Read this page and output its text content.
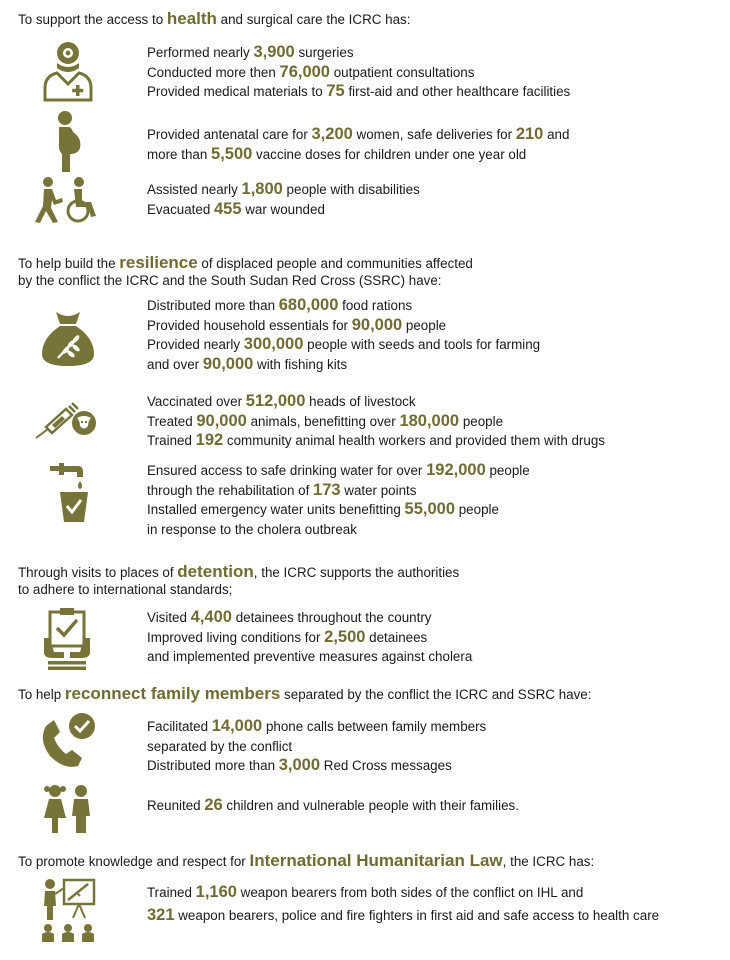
To support the access to health and surgical care the ICRC has:
Performed nearly 3,900 surgeries
Conducted more then 76,000 outpatient consultations
Provided medical materials to 75 first-aid and other healthcare facilities
Provided antenatal care for 3,200 women, safe deliveries for 210 and
more than 5,500 vaccine doses for children under one year old
Assisted nearly 1,800 people with disabilities
Evacuated 455 war wounded
To help build the resilience of displaced people and communities affected
by the conflict the ICRC and the South Sudan Red Cross (SSRC) have:
Distributed more than 680,000 food rations
Provided household essentials for 90,000 people
Provided nearly 300,000 people with seeds and tools for farming
and over 90,000 with fishing kits
Vaccinated over 512,000 heads of livestock
Treated 90,000 animals, benefitting over 180,000 people
Trained 192 community animal health workers and provided them with drugs
Ensured access to safe drinking water for over 192,000 people
through the rehabilitation of 173 water points
Installed emergency water units benefitting 55,000 people
in response to the cholera outbreak
Through visits to places of detention, the ICRC supports the authorities
to adhere to international standards;
Visited 4,400 detainees throughout the country
Improved living conditions for 2,500 detainees
and implemented preventive measures against cholera
To help reconnect family members separated by the conflict the ICRC and SSRC have:
Facilitated 14,000 phone calls between family members
separated by the conflict
Distributed more than 3,000 Red Cross messages
Reunited 26 children and vulnerable people with their families.
To promote knowledge and respect for International Humanitarian Law, the ICRC has:
Trained 1,160 weapon bearers from both sides of the conflict on IHL and
321 weapon bearers, police and fire fighters in first aid and safe access to health care
